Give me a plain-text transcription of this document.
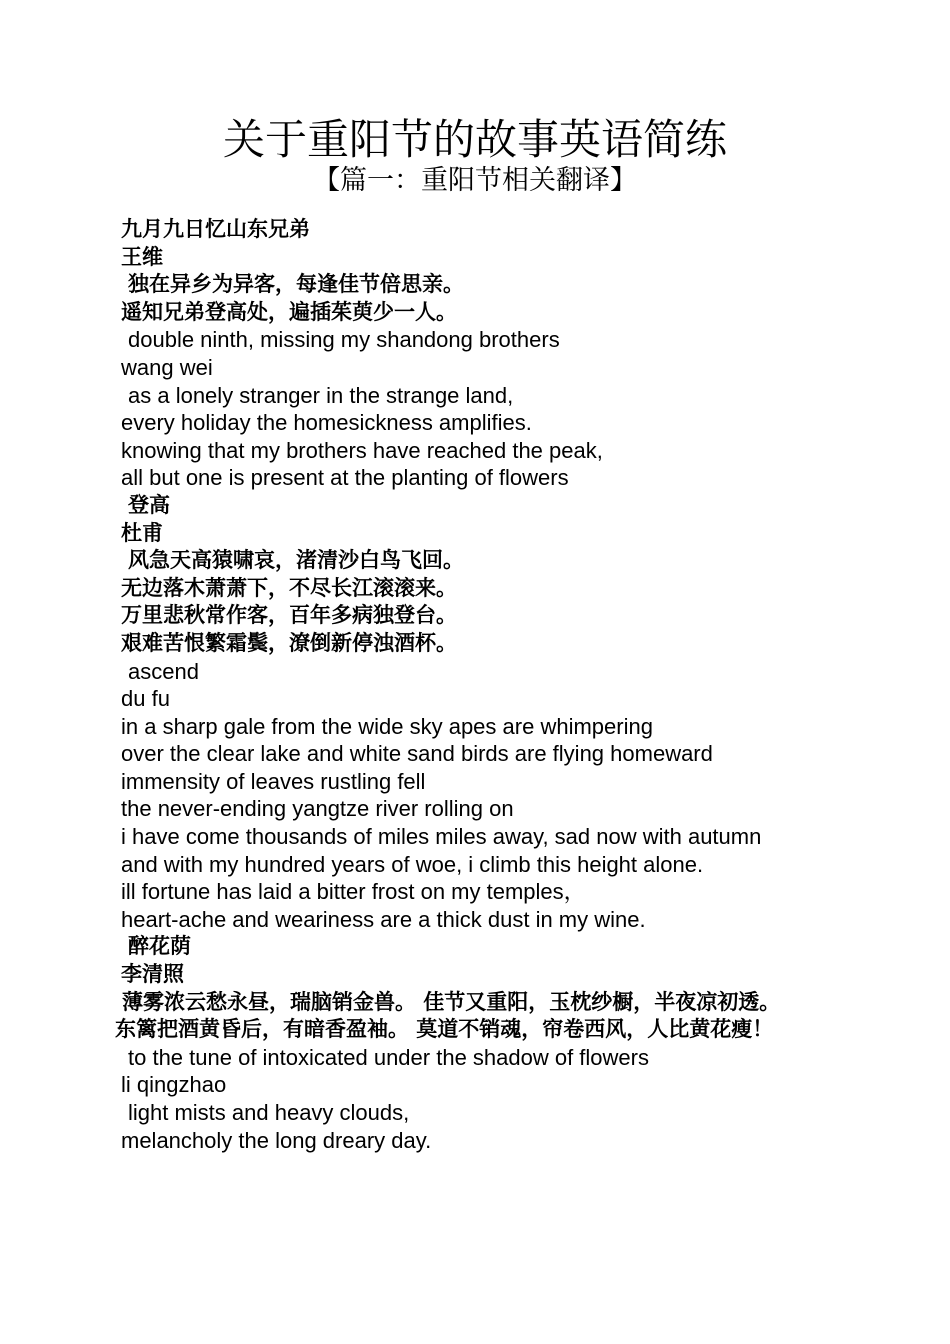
关于重阳节的故事英语简练
【篇一：重阳节相关翻译】
九月九日忆山东兄弟
王维
独在异乡为异客，每逢佳节倍思亲。
遥知兄弟登高处，遍插茱萸少一人。
double ninth, missing my shandong brothers
wang wei
as a lonely stranger in the strange land,
every holiday the homesickness amplifies.
knowing that my brothers have reached the peak,
all but one is present at the planting of flowers
登高
杜甫
风急天高猿啸哀，渚清沙白鸟飞回。
无边落木萧萧下，不尽长江滚滚来。
万里悲秋常作客，百年多病独登台。
艰难苦恨繁霜鬓，潦倒新停浊酒杯。
ascend
du fu
in a sharp gale from the wide sky apes are whimpering
over the clear lake and white sand birds are flying homeward
immensity of leaves rustling fell
the never-ending yangtze river rolling on
i have come thousands of miles miles away, sad now with autumn
and with my hundred years of woe, i climb this height alone.
ill fortune has laid a bitter frost on my temples，
heart-ache and weariness are a thick dust in my wine.
醉花荫
李清照
薄雾浓云愁永昼，瑞脑销金兽。 佳节又重阳，玉枕纱橱，半夜凉初透。
东篱把酒黄昏后，有暗香盈袖。 莫道不销魂，帘卷西风，人比黄花瘦！
to the tune of intoxicated under the shadow of flowers
li qingzhao
light mists and heavy clouds,
melancholy the long dreary day.
